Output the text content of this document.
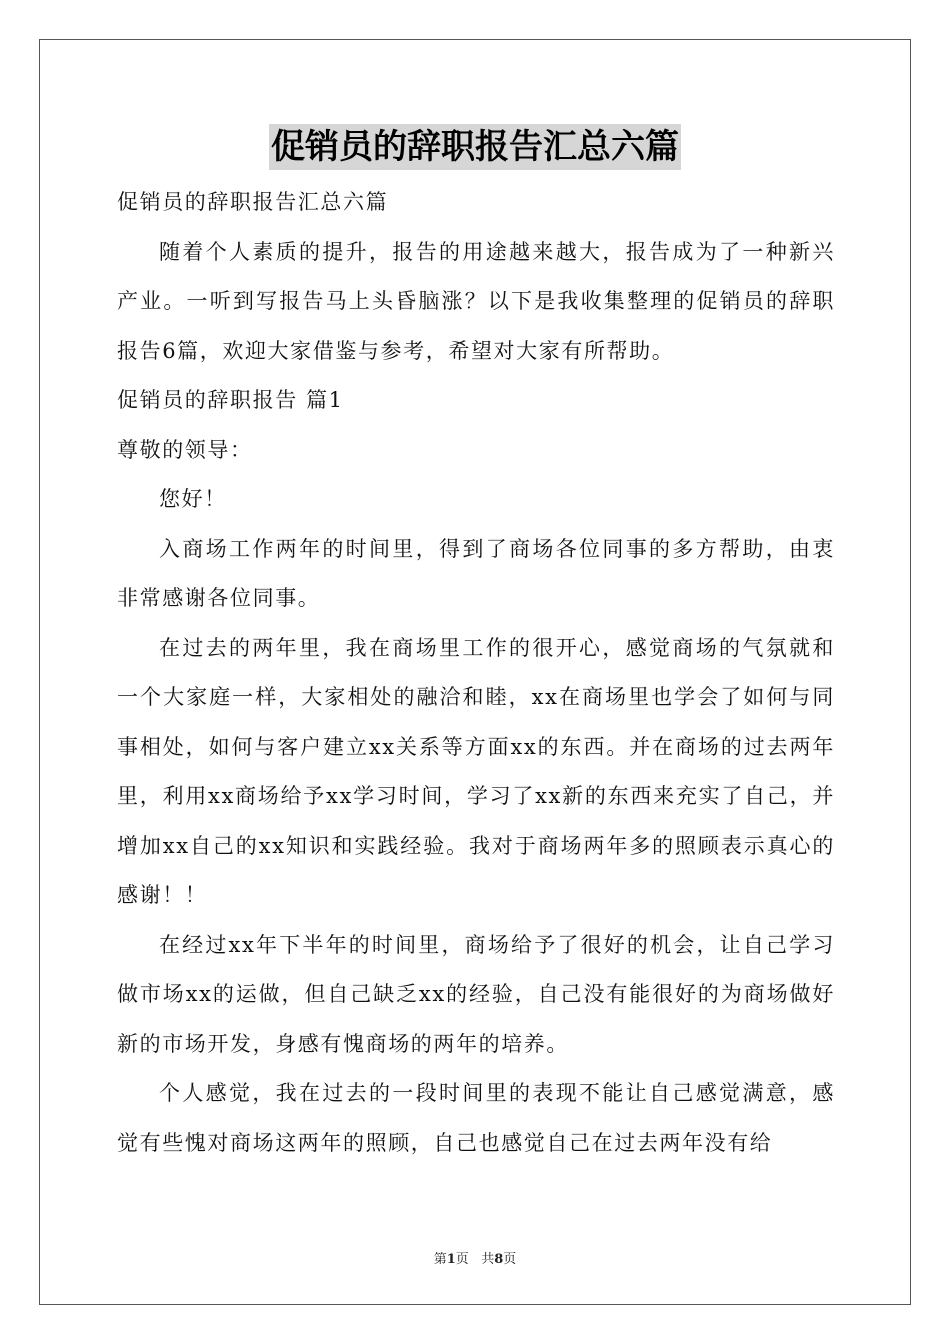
促销员的辞职报告汇总六篇

促销员的辞职报告汇总六篇

随着个人素质的提升，报告的用途越来越大，报告成为了一种新兴产业。一听到写报告马上头昏脑涨？以下是我收集整理的促销员的辞职报告6篇，欢迎大家借鉴与参考，希望对大家有所帮助。

促销员的辞职报告 篇1

尊敬的领导：

您好！

入商场工作两年的时间里，得到了商场各位同事的多方帮助，由衷非常感谢各位同事。

在过去的两年里，我在商场里工作的很开心，感觉商场的气氛就和一个大家庭一样，大家相处的融洽和睦，xx在商场里也学会了如何与同事相处，如何与客户建立xx关系等方面xx的东西。并在商场的过去两年里，利用xx商场给予xx学习时间，学习了xx新的东西来充实了自己，并增加xx自己的xx知识和实践经验。我对于商场两年多的照顾表示真心的感谢！！

在经过xx年下半年的时间里，商场给予了很好的机会，让自己学习做市场xx的运做，但自己缺乏xx的经验，自己没有能很好的为商场做好新的市场开发，身感有愧商场的两年的培养。

个人感觉，我在过去的一段时间里的表现不能让自己感觉满意，感觉有些愧对商场这两年的照顾，自己也感觉自己在过去两年没有给

第1页 共8页
